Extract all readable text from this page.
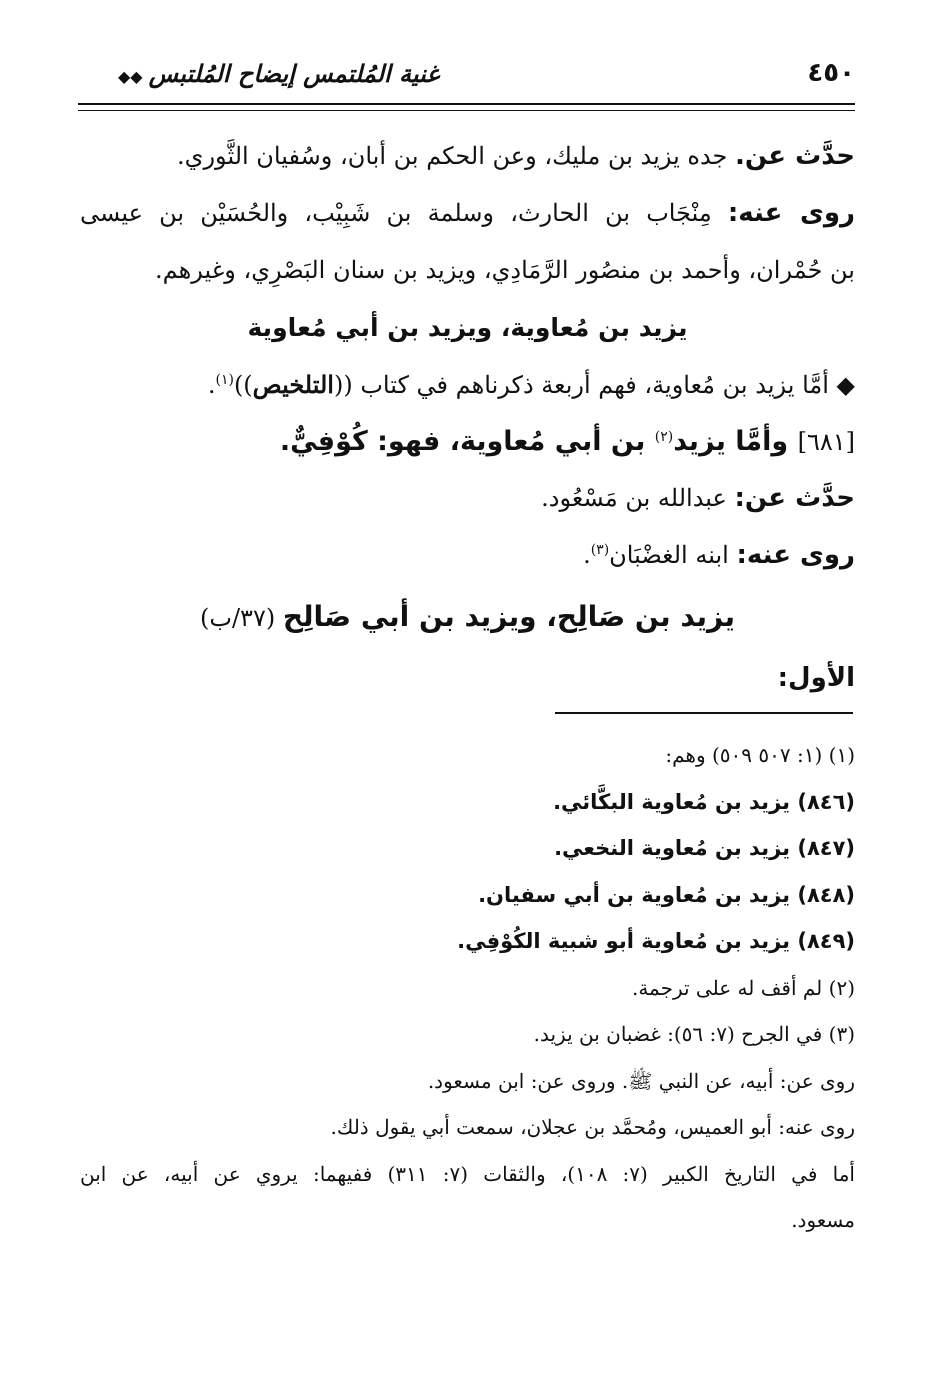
٤٥٠
غنية المُلتمس إيضاح المُلتبس◆◆
حدَّث عن. جده يزيد بن مليك، وعن الحكم بن أبان، وسُفيان الثَّوري.
روى عنه: مِنْجَاب بن الحارث، وسلمة بن شَبِيْب، والحُسَيْن بن عيسى
بن حُمْران، وأحمد بن منصُور الرَّمَادِي، ويزيد بن سنان البَصْرِي، وغيرهم.
يزيد بن مُعاوية، ويزيد بن أبي مُعاوية
◆ أمَّا يزيد بن مُعاوية، فهم أربعة ذكرناهم في كتاب ((التلخيص))$^{(١)}$.
[٦٨١] وأمَّا يزيد$^{(٢)}$ بن أبي مُعاوية، فهو: كُوْفِيٌّ.
حدَّث عن: عبدالله بن مَسْعُود.
روى عنه: ابنه الغضْبَان$^{(٣)}$.
يزيد بن صَالِح، ويزيد بن أبي صَالِح (٣٧/ب)
الأول:
(١) (١: ٥٠٧ ٥٠٩) وهم:
(٨٤٦) يزيد بن مُعاوية البكَّائي.
(٨٤٧) يزيد بن مُعاوية النخعي.
(٨٤٨) يزيد بن مُعاوية بن أبي سفيان.
(٨٤٩) يزيد بن مُعاوية أبو شبية الكُوْفِي.
(٢) لم أقف له على ترجمة.
(٣) في الجرح (٧: ٥٦): غضبان بن يزيد.
روى عن: أبيه، عن النبي ﷺ. وروى عن: ابن مسعود.
روى عنه: أبو العميس، ومُحمَّد بن عجلان، سمعت أبي يقول ذلك.
أما في التاريخ الكبير (٧: ١٠٨)، والثقات (٧: ٣١١) ففيهما: يروي عن أبيه، عن ابن
مسعود.
